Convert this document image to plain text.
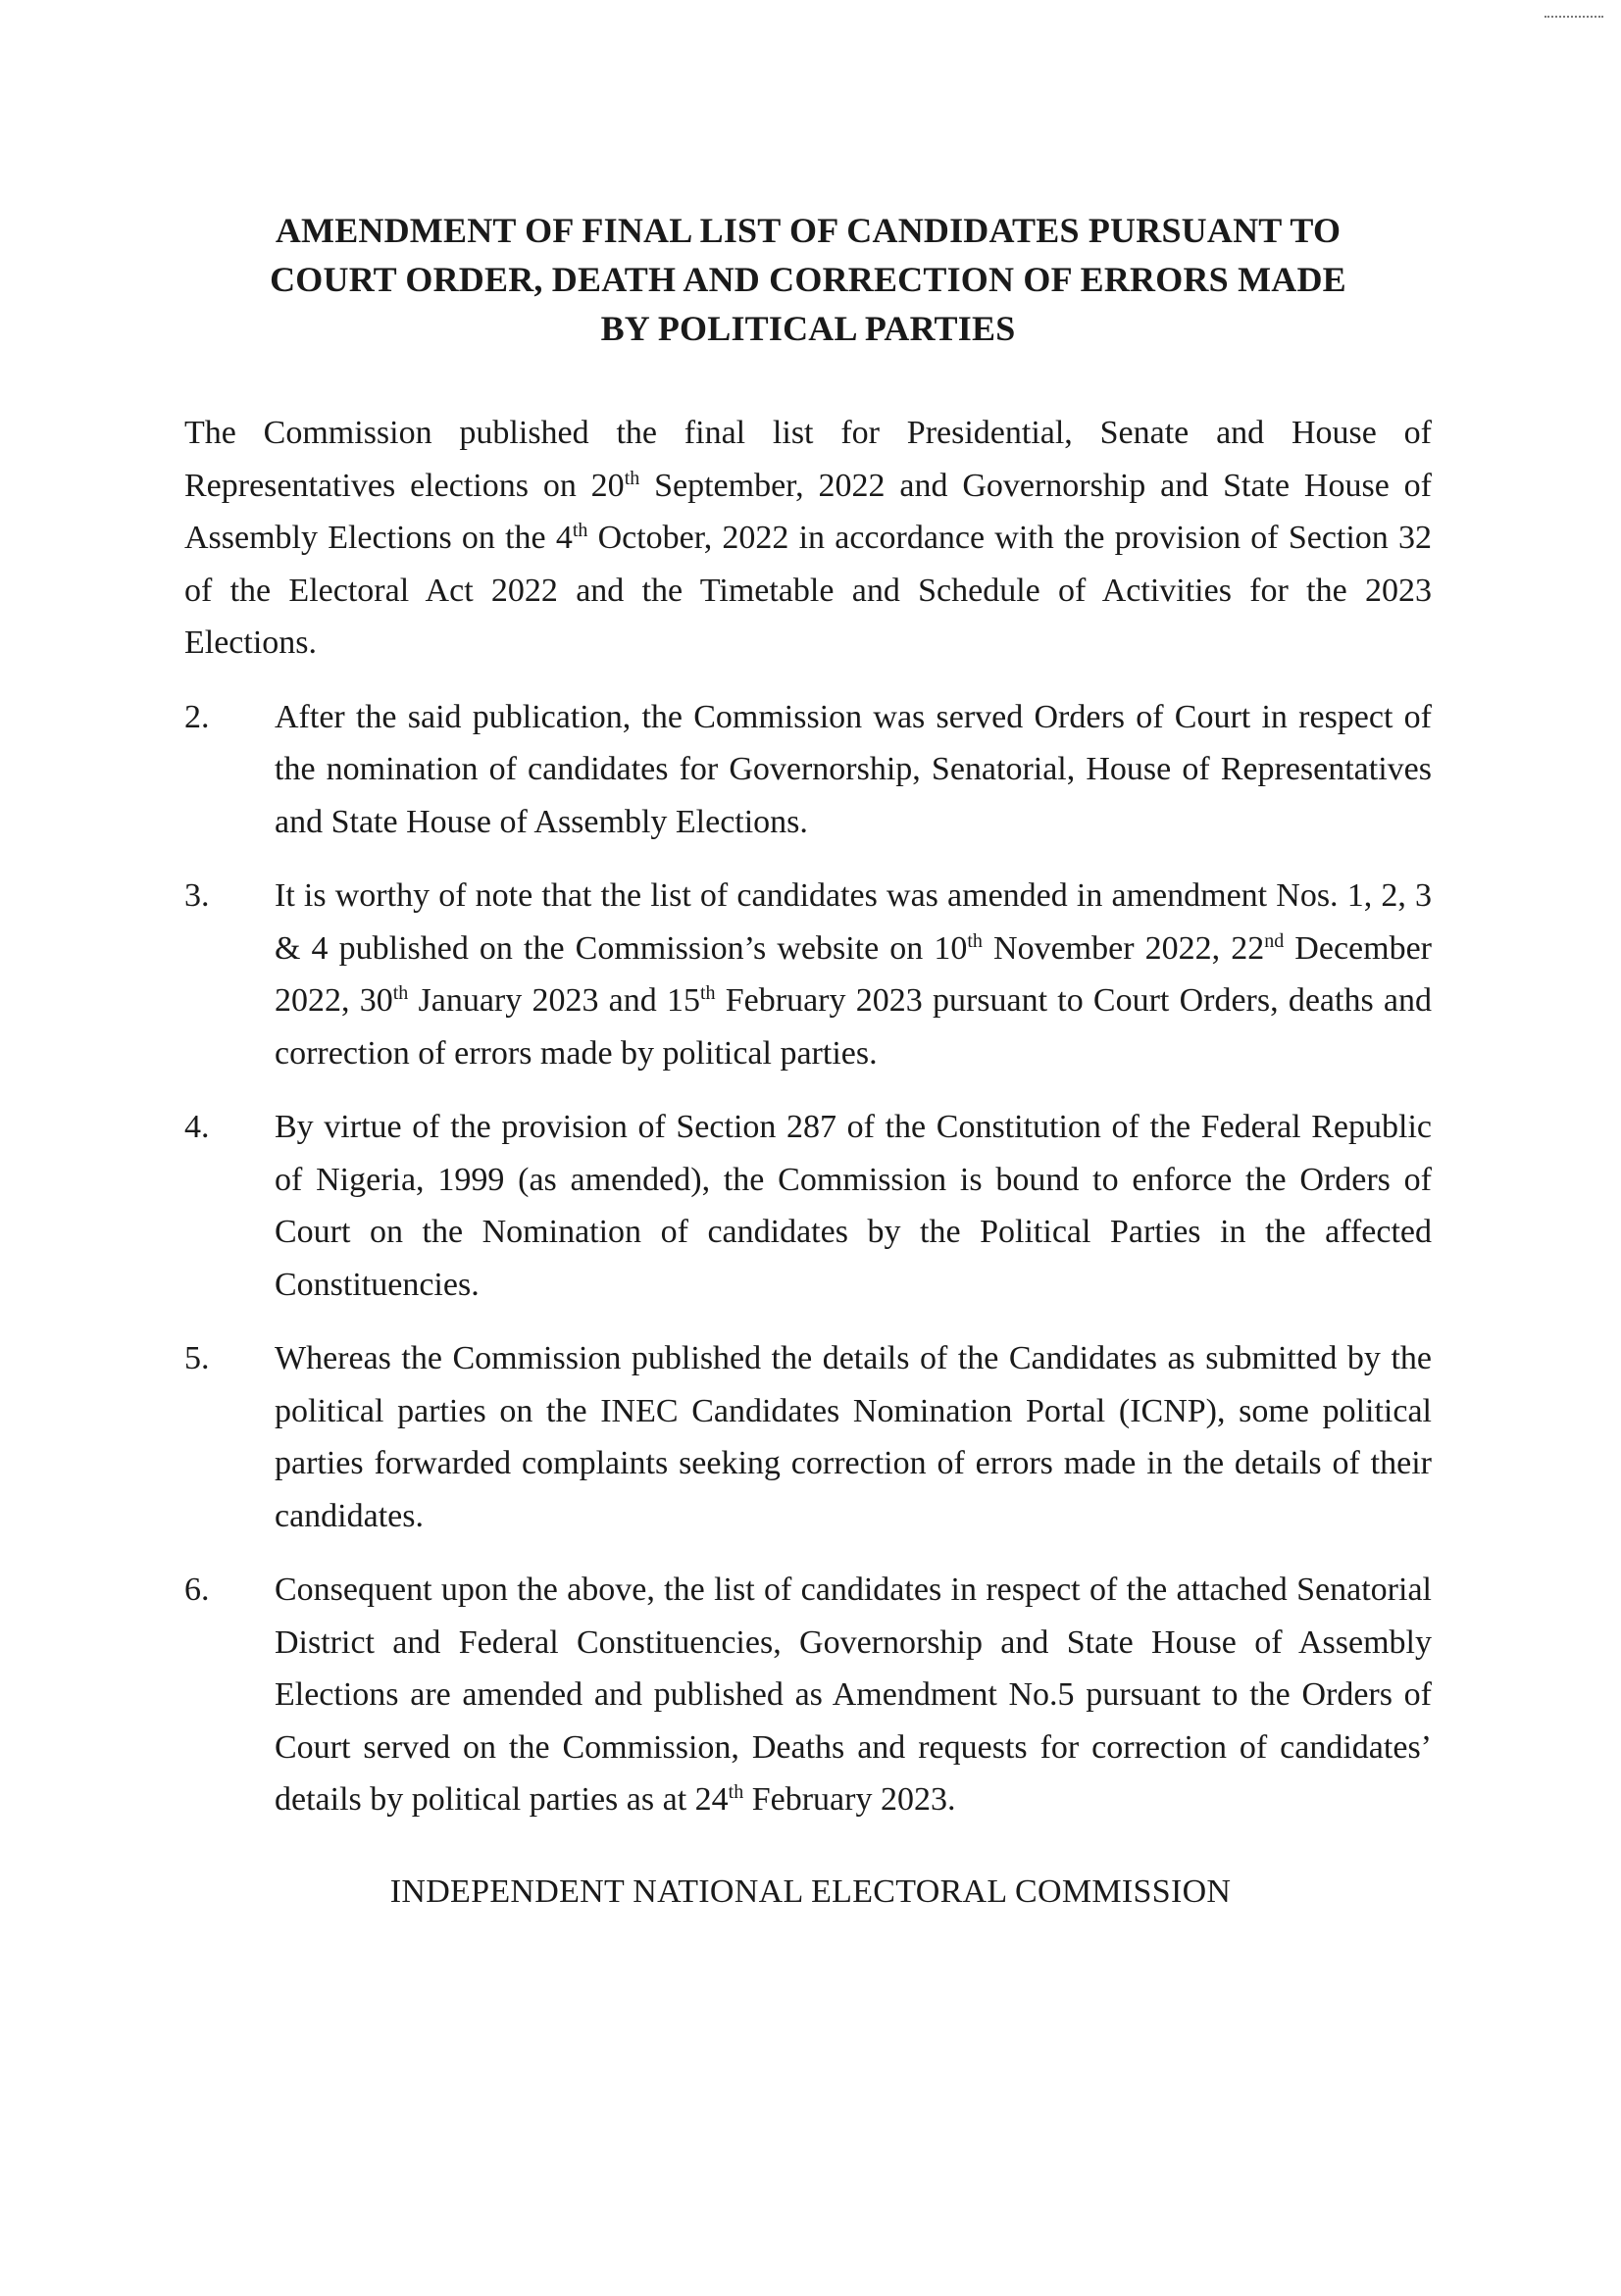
AMENDMENT OF FINAL LIST OF CANDIDATES PURSUANT TO
COURT ORDER, DEATH AND CORRECTION OF ERRORS MADE
BY POLITICAL PARTIES

The Commission published the final list for Presidential, Senate and House of Representatives elections on 20th September, 2022 and Governorship and State House of Assembly Elections on the 4th October, 2022 in accordance with the provision of Section 32 of the Electoral Act 2022 and the Timetable and Schedule of Activities for the 2023 Elections.

2.	After the said publication, the Commission was served Orders of Court in respect of the nomination of candidates for Governorship, Senatorial, House of Representatives and State House of Assembly Elections.
3.	It is worthy of note that the list of candidates was amended in amendment Nos. 1, 2, 3 & 4 published on the Commission’s website on 10th November 2022, 22nd December 2022, 30th January 2023 and 15th February 2023 pursuant to Court Orders, deaths and correction of errors made by political parties.
4.	By virtue of the provision of Section 287 of the Constitution of the Federal Republic of Nigeria, 1999 (as amended), the Commission is bound to enforce the Orders of Court on the Nomination of candidates by the Political Parties in the affected Constituencies.
5.	Whereas the Commission published the details of the Candidates as submitted by the political parties on the INEC Candidates Nomination Portal (ICNP), some political parties forwarded complaints seeking correction of errors made in the details of their candidates.
6.	Consequent upon the above, the list of candidates in respect of the attached Senatorial District and Federal Constituencies, Governorship and State House of Assembly Elections are amended and published as Amendment No.5 pursuant to the Orders of Court served on the Commission, Deaths and requests for correction of candidates’ details by political parties as at 24th February 2023.
INDEPENDENT NATIONAL ELECTORAL COMMISSION
